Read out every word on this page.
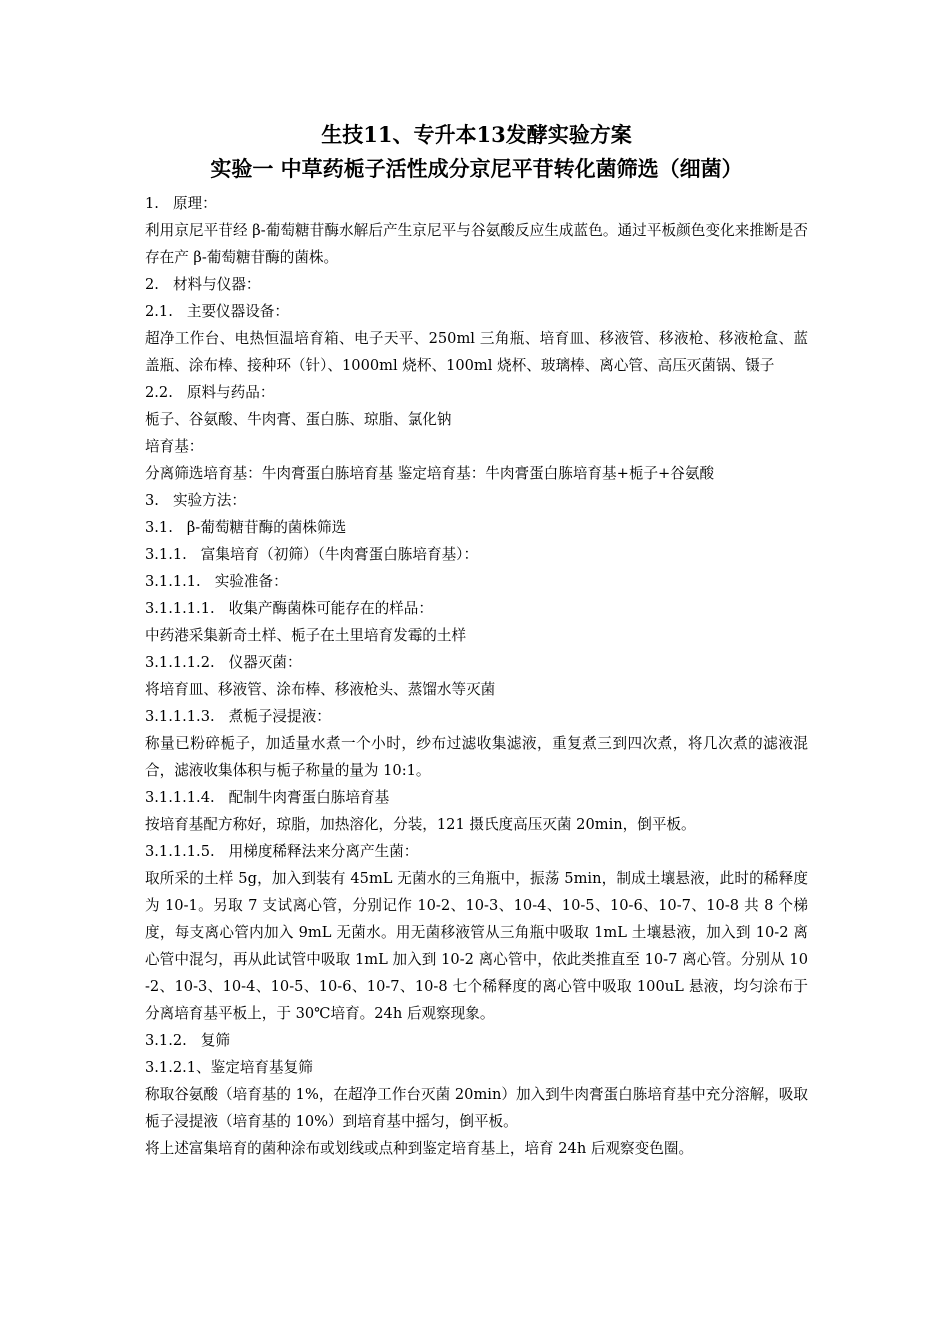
生技11、专升本13发酵实验方案
实验一 中草药栀子活性成分京尼平苷转化菌筛选（细菌）

1. 原理：

利用京尼平苷经 β-葡萄糖苷酶水解后产生京尼平与谷氨酸反应生成蓝色。通过平板颜色变化来推断是否存在产 β-葡萄糖苷酶的菌株。

2. 材料与仪器：

2.1. 主要仪器设备：

超净工作台、电热恒温培育箱、电子天平、250ml 三角瓶、培育皿、移液管、移液枪、移液枪盒、蓝盖瓶、涂布棒、接种环（针）、1000ml 烧杯、100ml 烧杯、玻璃棒、离心管、高压灭菌锅、镊子

2.2. 原料与药品：

栀子、谷氨酸、牛肉膏、蛋白胨、琼脂、氯化钠

培育基：

分离筛选培育基：牛肉膏蛋白胨培育基 鉴定培育基：牛肉膏蛋白胨培育基+栀子+谷氨酸

3. 实验方法：

3.1. β-葡萄糖苷酶的菌株筛选

3.1.1. 富集培育（初筛）（牛肉膏蛋白胨培育基）：

3.1.1.1. 实验准备：

3.1.1.1.1. 收集产酶菌株可能存在的样品：

中药港采集新奇土样、栀子在土里培育发霉的土样

3.1.1.1.2. 仪器灭菌：

将培育皿、移液管、涂布棒、移液枪头、蒸馏水等灭菌

3.1.1.1.3. 煮栀子浸提液：

称量已粉碎栀子，加适量水煮一个小时，纱布过滤收集滤液，重复煮三到四次煮，将几次煮的滤液混合，滤液收集体积与栀子称量的量为 10:1。

3.1.1.1.4. 配制牛肉膏蛋白胨培育基

按培育基配方称好，琼脂，加热溶化，分装，121 摄氏度高压灭菌 20min，倒平板。

3.1.1.1.5. 用梯度稀释法来分离产生菌：

取所采的土样 5g，加入到装有 45mL 无菌水的三角瓶中，振荡 5min，制成土壤悬液，此时的稀释度为 10-1。另取 7 支试离心管，分别记作 10-2、10-3、10-4、10-5、10-6、10-7、10-8 共 8 个梯度，每支离心管内加入 9mL 无菌水。用无菌移液管从三角瓶中吸取 1mL 土壤悬液，加入到 10-2 离心管中混匀，再从此试管中吸取 1mL 加入到 10-2 离心管中，依此类推直至 10-7 离心管。分别从 10-2、10-3、10-4、10-5、10-6、10-7、10-8 七个稀释度的离心管中吸取 100uL 悬液，均匀涂布于分离培育基平板上，于 30℃培育。24h 后观察现象。

3.1.2. 复筛

3.1.2.1、鉴定培育基复筛

称取谷氨酸（培育基的 1%，在超净工作台灭菌 20min）加入到牛肉膏蛋白胨培育基中充分溶解，吸取栀子浸提液（培育基的 10%）到培育基中摇匀，倒平板。

将上述富集培育的菌种涂布或划线或点种到鉴定培育基上，培育 24h 后观察变色圈。
